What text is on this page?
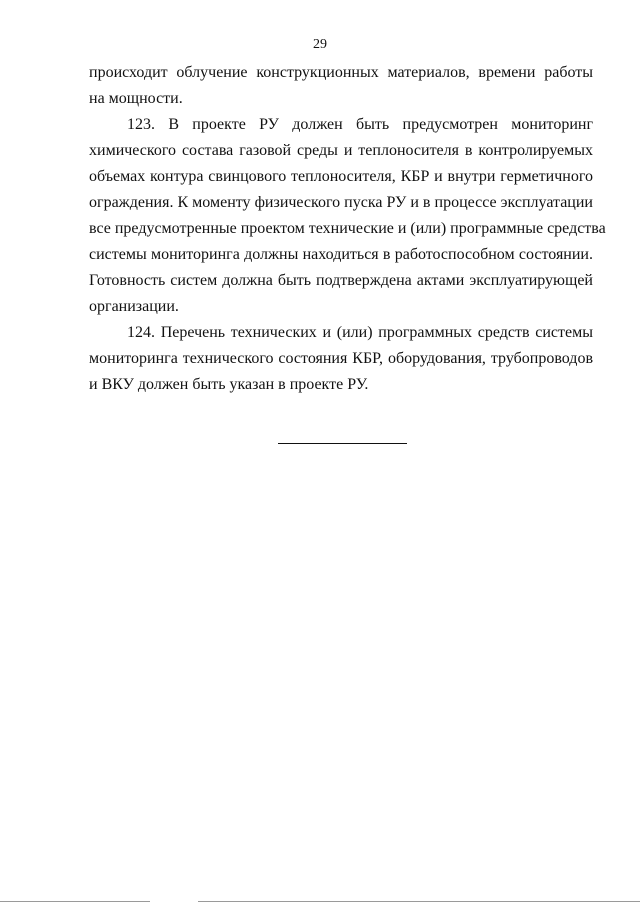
29

происходит облучение конструкционных материалов, времени работы
на мощности.

123. В проекте РУ должен быть предусмотрен мониторинг
химического состава газовой среды и теплоносителя в контролируемых
объемах контура свинцового теплоносителя, КБР и внутри герметичного
ограждения. К моменту физического пуска РУ и в процессе эксплуатации
все предусмотренные проектом технические и (или) программные средства
системы мониторинга должны находиться в работоспособном состоянии.
Готовность систем должна быть подтверждена актами эксплуатирующей
организации.

124. Перечень технических и (или) программных средств системы
мониторинга технического состояния КБР, оборудования, трубопроводов
и ВКУ должен быть указан в проекте РУ.
